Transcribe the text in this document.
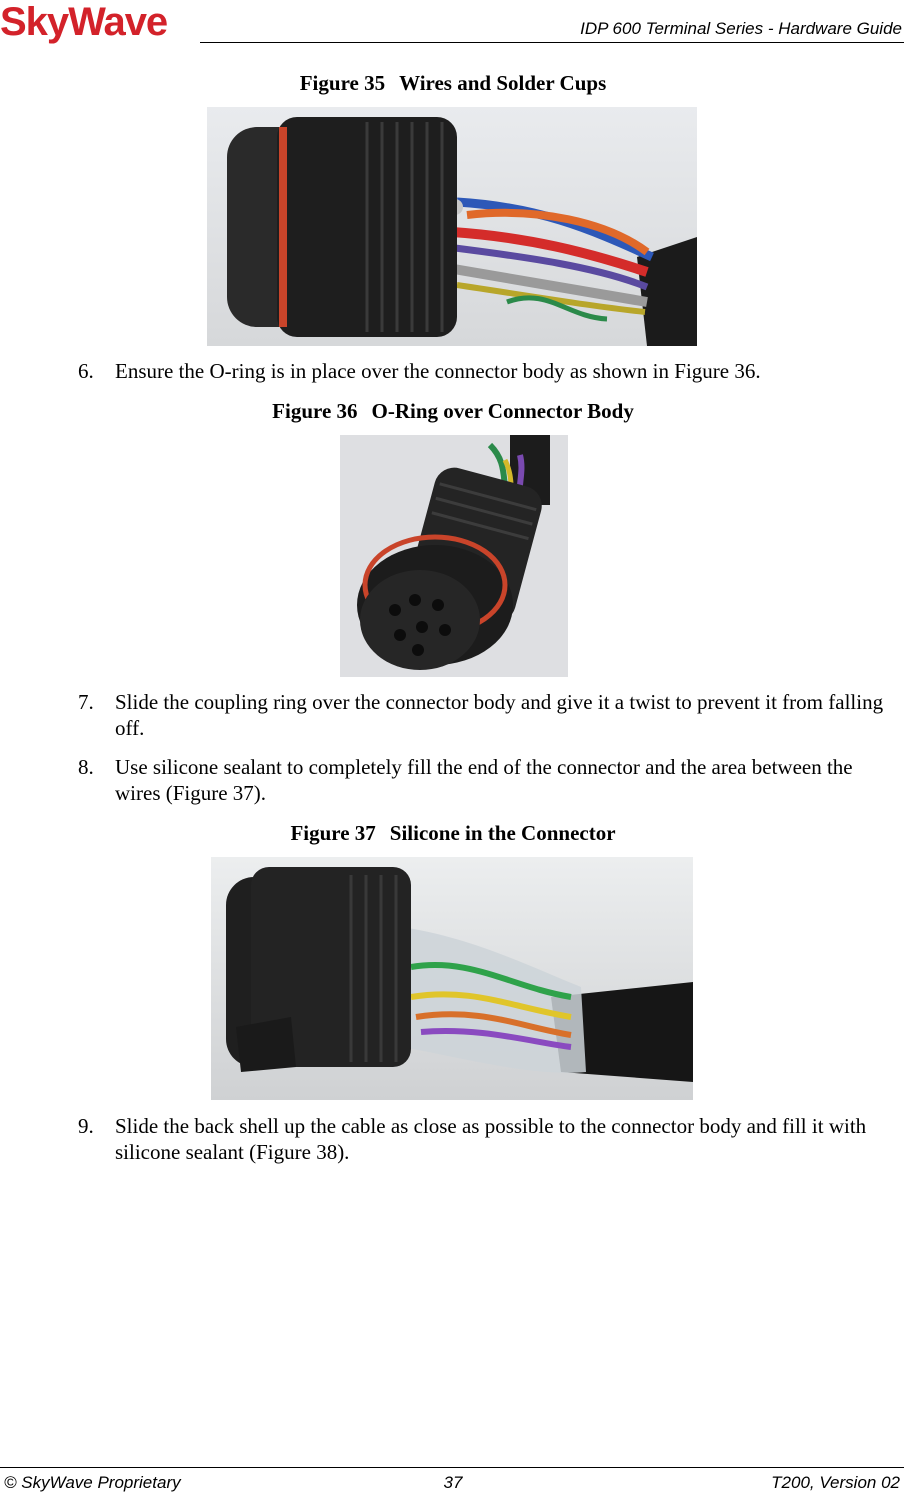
SkyWave	IDP 600 Terminal Series - Hardware Guide
Figure 35 Wires and Solder Cups
6. Ensure the O-ring is in place over the connector body as shown in Figure 36.
Figure 36 O-Ring over Connector Body
7. Slide the coupling ring over the connector body and give it a twist to prevent it from falling off.
8. Use silicone sealant to completely fill the end of the connector and the area between the wires (Figure 37).
Figure 37 Silicone in the Connector
9. Slide the back shell up the cable as close as possible to the connector body and fill it with silicone sealant (Figure 38).
© SkyWave Proprietary	37	T200, Version 02
